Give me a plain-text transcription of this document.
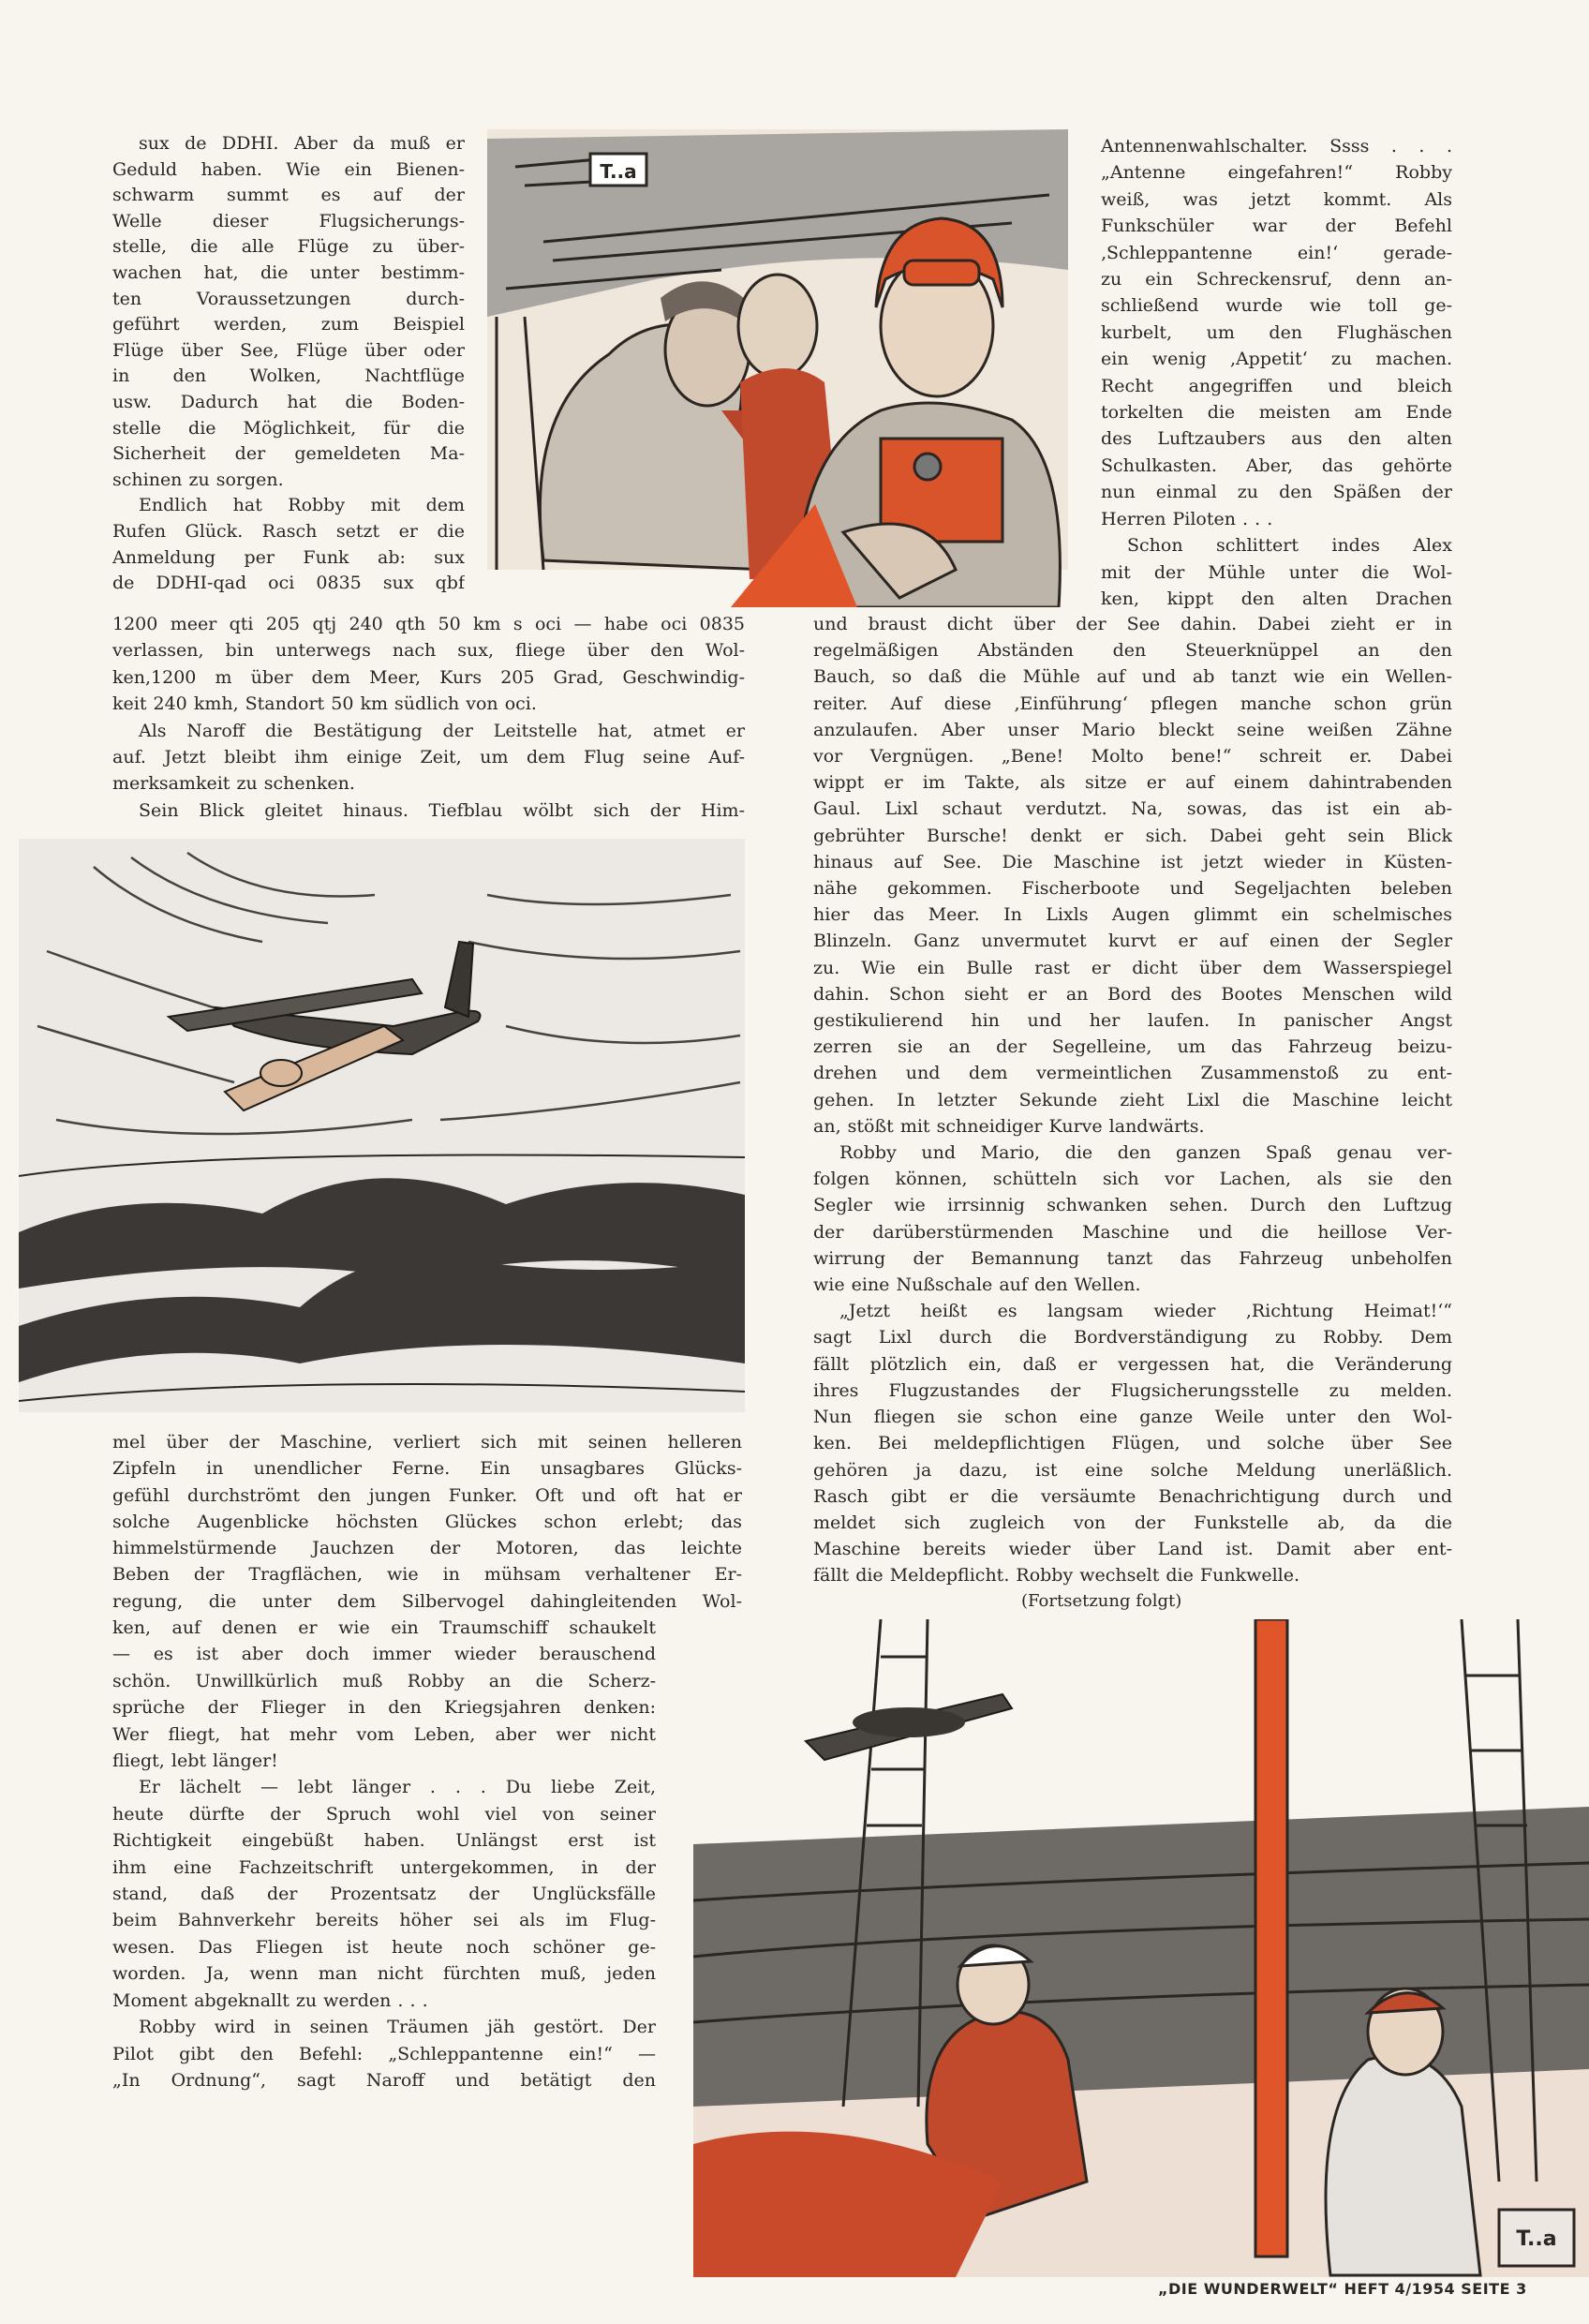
sux de DDHI. Aber da muß er
Geduld haben. Wie ein Bienen-
schwarm summt es auf der
Welle dieser Flugsicherungs-
stelle, die alle Flüge zu über-
wachen hat, die unter bestimm-
ten Voraussetzungen durch-
geführt werden, zum Beispiel
Flüge über See, Flüge über oder
in den Wolken, Nachtflüge
usw. Dadurch hat die Boden-
stelle die Möglichkeit, für die
Sicherheit der gemeldeten Ma-
schinen zu sorgen.
Endlich hat Robby mit dem
Rufen Glück. Rasch setzt er die
Anmeldung per Funk ab: sux
de DDHI-qad oci 0835 sux qbf
1200 meer qti 205 qtj 240 qth 50 km s oci — habe oci 0835
verlassen, bin unterwegs nach sux, fliege über den Wol-
ken,1200 m über dem Meer, Kurs 205 Grad, Geschwindig-
keit 240 kmh, Standort 50 km südlich von oci.
Als Naroff die Bestätigung der Leitstelle hat, atmet er
auf. Jetzt bleibt ihm einige Zeit, um dem Flug seine Auf-
merksamkeit zu schenken.
Sein Blick gleitet hinaus. Tiefblau wölbt sich der Him-
mel über der Maschine, verliert sich mit seinen helleren
Zipfeln in unendlicher Ferne. Ein unsagbares Glücks-
gefühl durchströmt den jungen Funker. Oft und oft hat er
solche Augenblicke höchsten Glückes schon erlebt; das
himmelstürmende Jauchzen der Motoren, das leichte
Beben der Tragflächen, wie in mühsam verhaltener Er-
regung, die unter dem Silbervogel dahingleitenden Wol-
ken, auf denen er wie ein Traumschiff schaukelt
— es ist aber doch immer wieder berauschend
schön. Unwillkürlich muß Robby an die Scherz-
sprüche der Flieger in den Kriegsjahren denken:
Wer fliegt, hat mehr vom Leben, aber wer nicht
fliegt, lebt länger!
Er lächelt — lebt länger . . . Du liebe Zeit,
heute dürfte der Spruch wohl viel von seiner
Richtigkeit eingebüßt haben. Unlängst erst ist
ihm eine Fachzeitschrift untergekommen, in der
stand, daß der Prozentsatz der Unglücksfälle
beim Bahnverkehr bereits höher sei als im Flug-
wesen. Das Fliegen ist heute noch schöner ge-
worden. Ja, wenn man nicht fürchten muß, jeden
Moment abgeknallt zu werden . . .
Robby wird in seinen Träumen jäh gestört. Der
Pilot gibt den Befehl: „Schleppantenne ein!“ —
„In Ordnung“, sagt Naroff und betätigt den
Antennenwahlschalter. Ssss . . .
„Antenne eingefahren!“ Robby
weiß, was jetzt kommt. Als
Funkschüler war der Befehl
‚Schleppantenne ein!‘ gerade-
zu ein Schreckensruf, denn an-
schließend wurde wie toll ge-
kurbelt, um den Flughäschen
ein wenig ‚Appetit‘ zu machen.
Recht angegriffen und bleich
torkelten die meisten am Ende
des Luftzaubers aus den alten
Schulkasten. Aber, das gehörte
nun einmal zu den Späßen der
Herren Piloten . . .
Schon schlittert indes Alex
mit der Mühle unter die Wol-
ken, kippt den alten Drachen
und braust dicht über der See dahin. Dabei zieht er in
regelmäßigen Abständen den Steuerknüppel an den
Bauch, so daß die Mühle auf und ab tanzt wie ein Wellen-
reiter. Auf diese ‚Einführung‘ pflegen manche schon grün
anzulaufen. Aber unser Mario bleckt seine weißen Zähne
vor Vergnügen. „Bene! Molto bene!“ schreit er. Dabei
wippt er im Takte, als sitze er auf einem dahintrabenden
Gaul. Lixl schaut verdutzt. Na, sowas, das ist ein ab-
gebrühter Bursche! denkt er sich. Dabei geht sein Blick
hinaus auf See. Die Maschine ist jetzt wieder in Küsten-
nähe gekommen. Fischerboote und Segeljachten beleben
hier das Meer. In Lixls Augen glimmt ein schelmisches
Blinzeln. Ganz unvermutet kurvt er auf einen der Segler
zu. Wie ein Bulle rast er dicht über dem Wasserspiegel
dahin. Schon sieht er an Bord des Bootes Menschen wild
gestikulierend hin und her laufen. In panischer Angst
zerren sie an der Segelleine, um das Fahrzeug beizu-
drehen und dem vermeintlichen Zusammenstoß zu ent-
gehen. In letzter Sekunde zieht Lixl die Maschine leicht
an, stößt mit schneidiger Kurve landwärts.
Robby und Mario, die den ganzen Spaß genau ver-
folgen können, schütteln sich vor Lachen, als sie den
Segler wie irrsinnig schwanken sehen. Durch den Luftzug
der darüberstürmenden Maschine und die heillose Ver-
wirrung der Bemannung tanzt das Fahrzeug unbeholfen
wie eine Nußschale auf den Wellen.
„Jetzt heißt es langsam wieder ‚Richtung Heimat!‘“
sagt Lixl durch die Bordverständigung zu Robby. Dem
fällt plötzlich ein, daß er vergessen hat, die Veränderung
ihres Flugzustandes der Flugsicherungsstelle zu melden.
Nun fliegen sie schon eine ganze Weile unter den Wol-
ken. Bei meldepflichtigen Flügen, und solche über See
gehören ja dazu, ist eine solche Meldung unerläßlich.
Rasch gibt er die versäumte Benachrichtigung durch und
meldet sich zugleich von der Funkstelle ab, da die
Maschine bereits wieder über Land ist. Damit aber ent-
fällt die Meldepflicht. Robby wechselt die Funkwelle.
(Fortsetzung folgt)
T..a
T..a
„DIE WUNDERWELT“ HEFT 4/1954 SEITE 3
